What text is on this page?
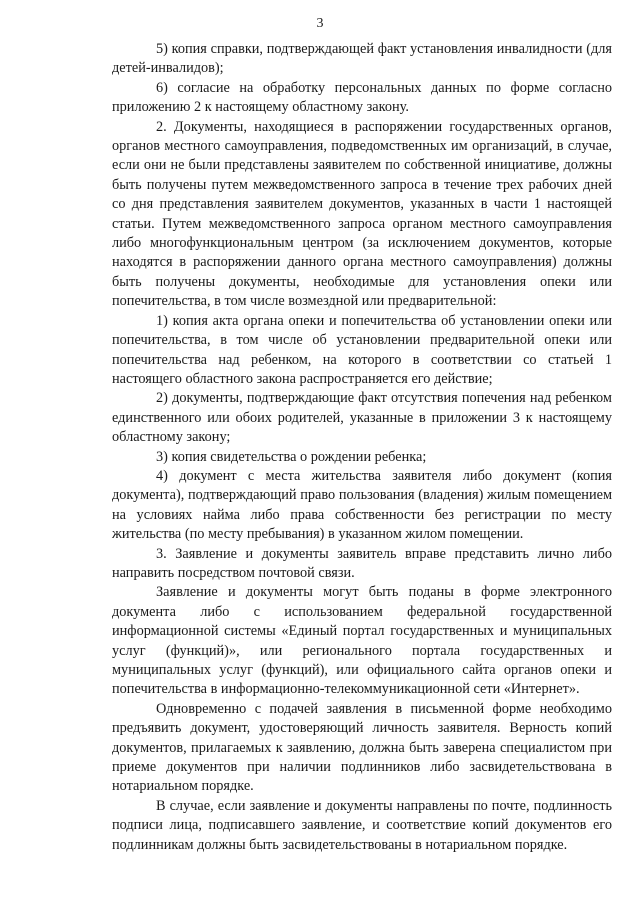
3

5) копия справки, подтверждающей факт установления инвалидности (для детей-инвалидов);

6) согласие на обработку персональных данных по форме согласно приложению 2 к настоящему областному закону.

2. Документы, находящиеся в распоряжении государственных органов, органов местного самоуправления, подведомственных им организаций, в случае, если они не были представлены заявителем по собственной инициативе, должны быть получены путем межведомственного запроса в течение трех рабочих дней со дня представления заявителем документов, указанных в части 1 настоящей статьи. Путем межведомственного запроса органом местного самоуправления либо многофункциональным центром (за исключением документов, которые находятся в распоряжении данного органа местного самоуправления) должны быть получены документы, необходимые для установления опеки или попечительства, в том числе возмездной или предварительной:

1) копия акта органа опеки и попечительства об установлении опеки или попечительства, в том числе об установлении предварительной опеки или попечительства над ребенком, на которого в соответствии со статьей 1 настоящего областного закона распространяется его действие;

2) документы, подтверждающие факт отсутствия попечения над ребенком единственного или обоих родителей, указанные в приложении 3 к настоящему областному закону;

3) копия свидетельства о рождении ребенка;

4) документ с места жительства заявителя либо документ (копия документа), подтверждающий право пользования (владения) жилым помещением на условиях найма либо права собственности без регистрации по месту жительства (по месту пребывания) в указанном жилом помещении.

3. Заявление и документы заявитель вправе представить лично либо направить посредством почтовой связи.

Заявление и документы могут быть поданы в форме электронного документа либо с использованием федеральной государственной информационной системы «Единый портал государственных и муниципальных услуг (функций)», или регионального портала государственных и муниципальных услуг (функций), или официального сайта органов опеки и попечительства в информационно-телекоммуникационной сети «Интернет».

Одновременно с подачей заявления в письменной форме необходимо предъявить документ, удостоверяющий личность заявителя. Верность копий документов, прилагаемых к заявлению, должна быть заверена специалистом при приеме документов при наличии подлинников либо засвидетельствована в нотариальном порядке.

В случае, если заявление и документы направлены по почте, подлинность подписи лица, подписавшего заявление, и соответствие копий документов его подлинникам должны быть засвидетельствованы в нотариальном порядке.
